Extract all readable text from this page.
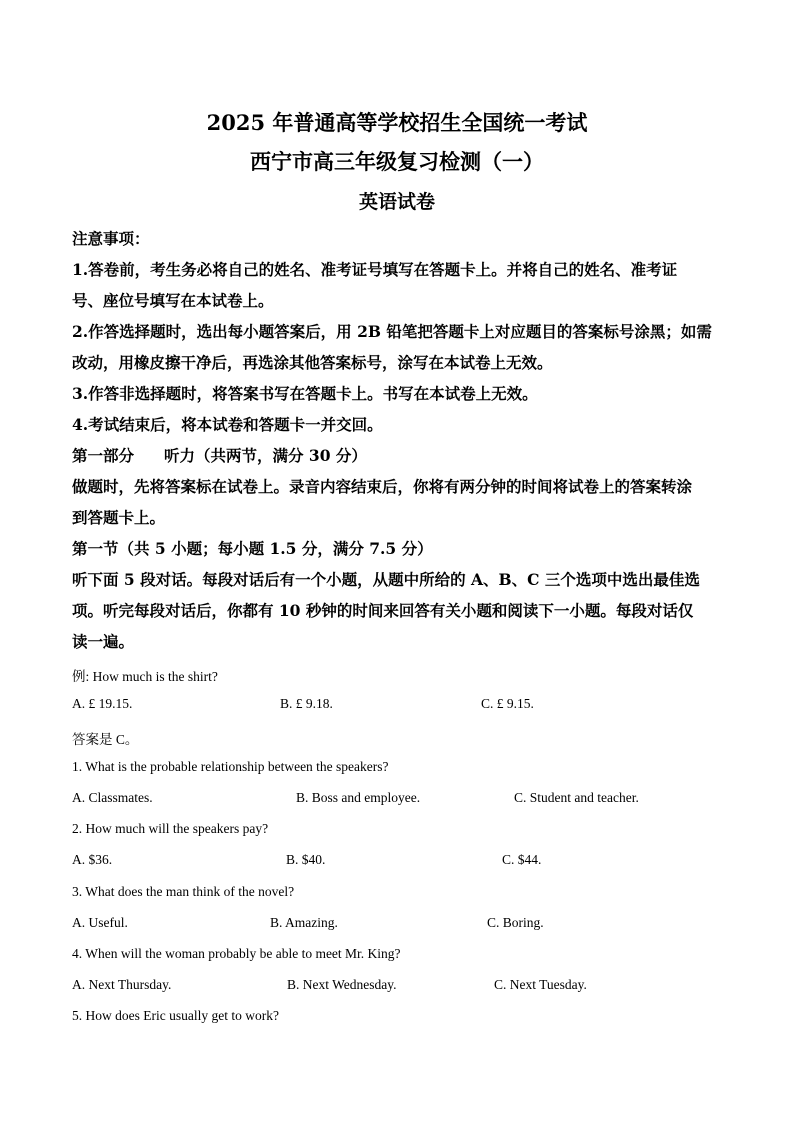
2025 年普通高等学校招生全国统一考试
西宁市高三年级复习检测（一）
英语试卷
注意事项：
1.答卷前，考生务必将自己的姓名、准考证号填写在答题卡上。并将自己的姓名、准考证
号、座位号填写在本试卷上。
2.作答选择题时，选出每小题答案后，用 2B 铅笔把答题卡上对应题目的答案标号涂黑；如需
改动，用橡皮擦干净后，再选涂其他答案标号，涂写在本试卷上无效。
3.作答非选择题时，将答案书写在答题卡上。书写在本试卷上无效。
4.考试结束后，将本试卷和答题卡一并交回。
第一部分 听力（共两节，满分 30 分）
做题时，先将答案标在试卷上。录音内容结束后，你将有两分钟的时间将试卷上的答案转涂
到答题卡上。
第一节（共 5 小题；每小题 1.5 分，满分 7.5 分）
听下面 5 段对话。每段对话后有一个小题，从题中所给的 A、B、C 三个选项中选出最佳选
项。听完每段对话后，你都有 10 秒钟的时间来回答有关小题和阅读下一小题。每段对话仅
读一遍。
例: How much is the shirt?
A. £ 19.15.	B. £ 9.18.	C. £ 9.15.
答案是 C。
1. What is the probable relationship between the speakers?
A. Classmates.	B. Boss and employee.	C. Student and teacher.
2. How much will the speakers pay?
A. $36.	B. $40.	C. $44.
3. What does the man think of the novel?
A. Useful.	B. Amazing.	C. Boring.
4. When will the woman probably be able to meet Mr. King?
A. Next Thursday.	B. Next Wednesday.	C. Next Tuesday.
5. How does Eric usually get to work?
